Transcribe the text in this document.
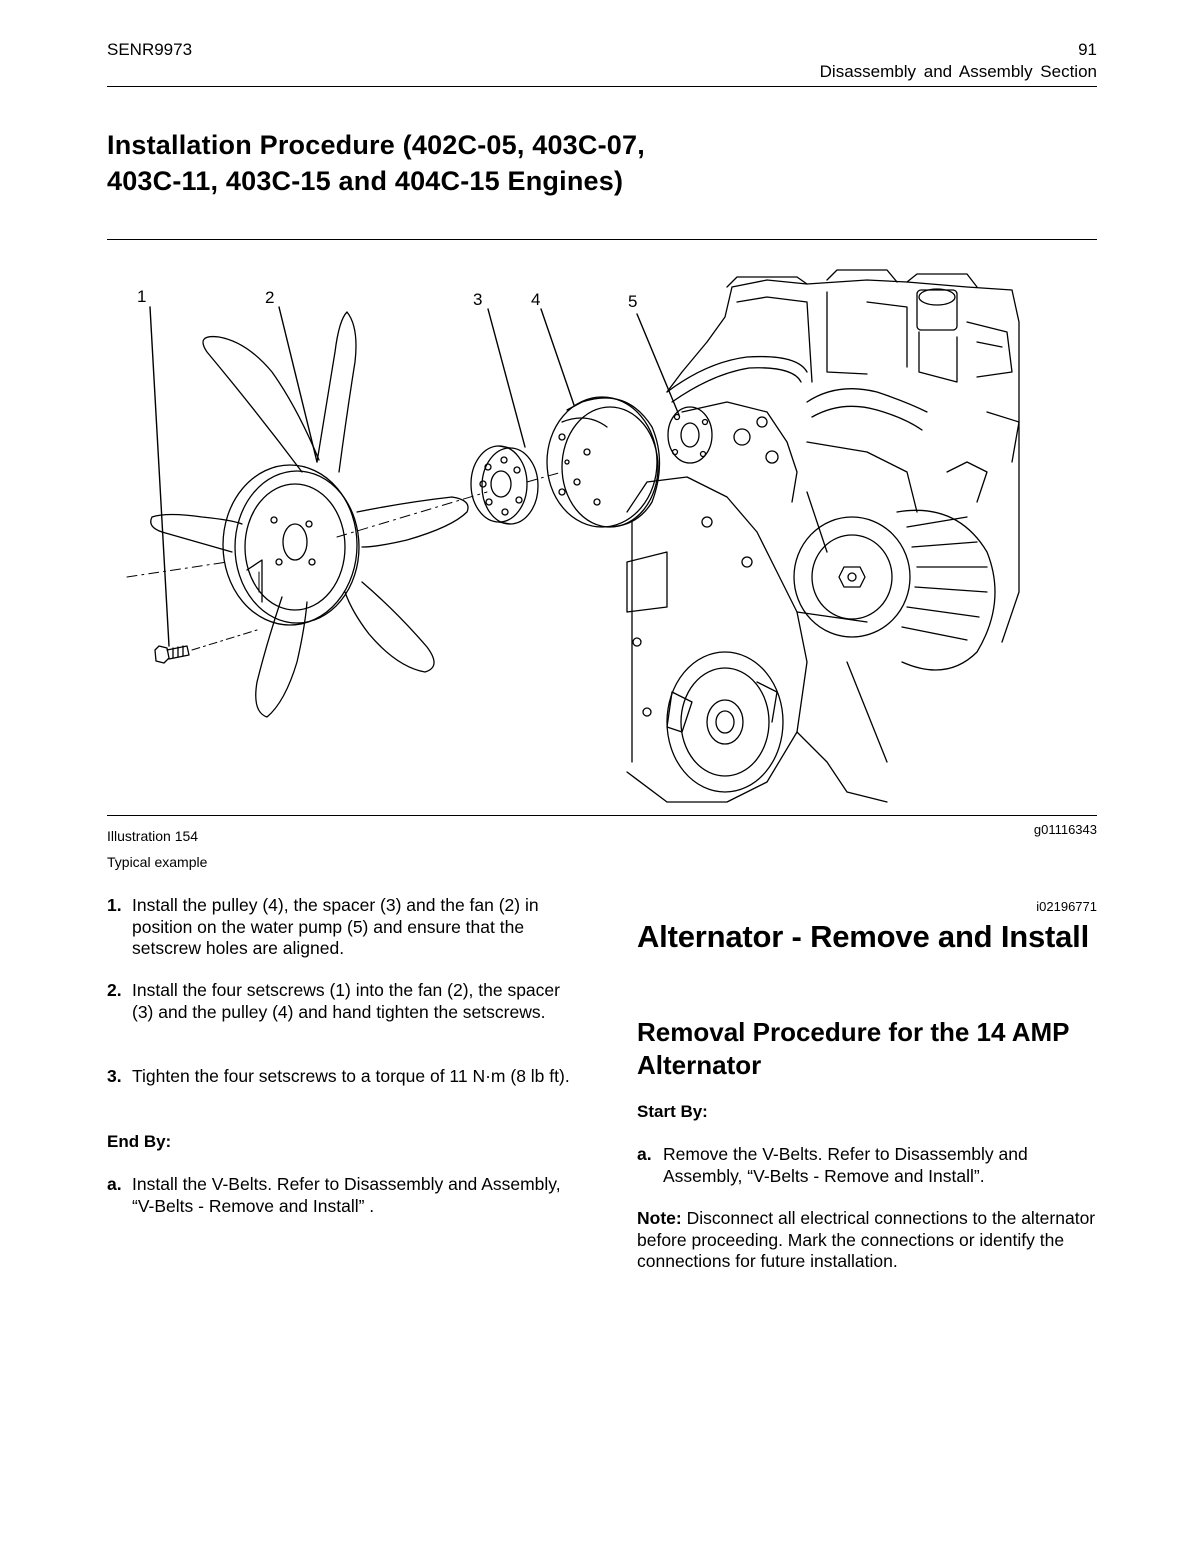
SENR9973	91
Disassembly and Assembly Section
Installation Procedure (402C-05, 403C-07, 403C-11, 403C-15 and 404C-15 Engines)
1	2	3	4	5
Illustration 154
Typical example
g01116343
1. Install the pulley (4), the spacer (3) and the fan (2) in position on the water pump (5) and ensure that the setscrew holes are aligned.
2. Install the four setscrews (1) into the fan (2), the spacer (3) and the pulley (4) and hand tighten the setscrews.
3. Tighten the four setscrews to a torque of 11 N·m (8 lb ft).
End By:
a. Install the V-Belts. Refer to Disassembly and Assembly, “V-Belts - Remove and Install” .
i02196771
Alternator - Remove and Install
Removal Procedure for the 14 AMP Alternator
Start By:
a. Remove the V-Belts. Refer to Disassembly and Assembly, “V-Belts - Remove and Install”.
Note: Disconnect all electrical connections to the alternator before proceeding. Mark the connections or identify the connections for future installation.
